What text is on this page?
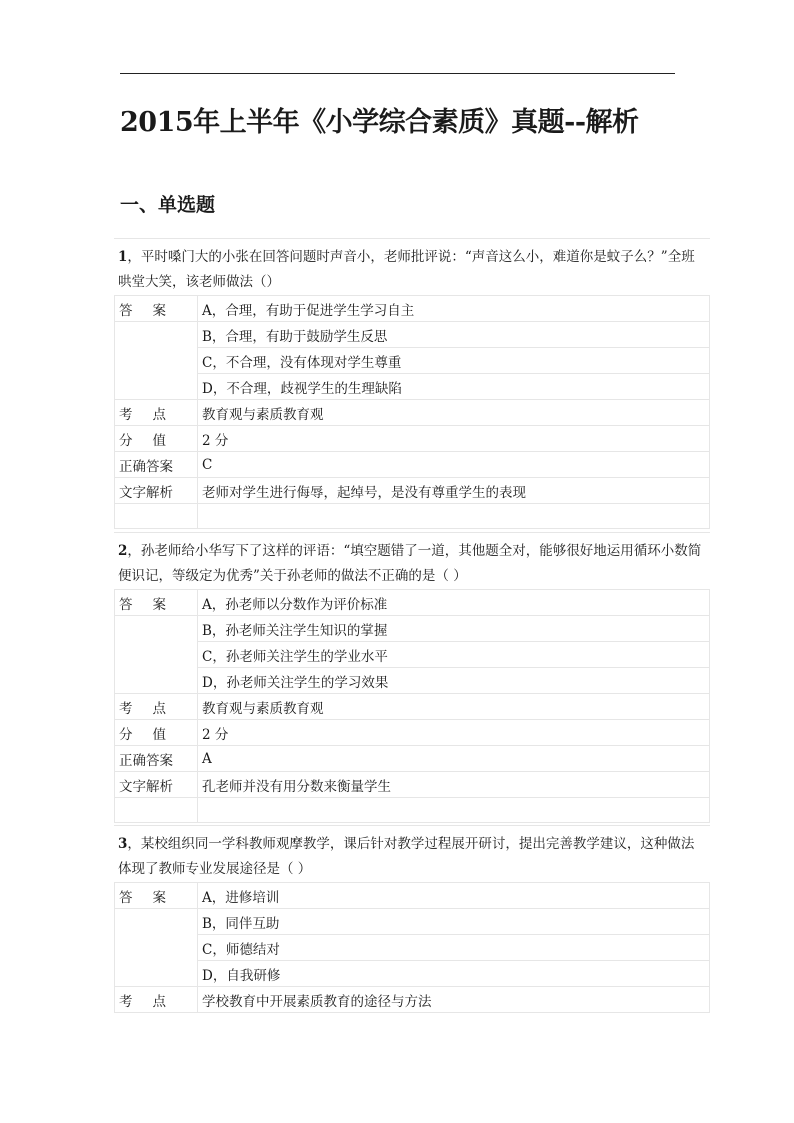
2015年上半年《小学综合素质》真题--解析
一、单选题
1，平时嗓门大的小张在回答问题时声音小，老师批评说：“声音这么小，难道你是蚊子么？”全班哄堂大笑，该老师做法（）
答案	A，合理，有助于促进学生学习自主
	B，合理，有助于鼓励学生反思
	C，不合理，没有体现对学生尊重
	D，不合理，歧视学生的生理缺陷
考点	教育观与素质教育观
分值	2 分
正确答案	C
文字解析	老师对学生进行侮辱，起绰号，是没有尊重学生的表现

2，孙老师给小华写下了这样的评语：“填空题错了一道，其他题全对，能够很好地运用循环小数简便识记，等级定为优秀”关于孙老师的做法不正确的是（ ）
答案	A，孙老师以分数作为评价标准
	B，孙老师关注学生知识的掌握
	C，孙老师关注学生的学业水平
	D，孙老师关注学生的学习效果
考点	教育观与素质教育观
分值	2 分
正确答案	A
文字解析	孔老师并没有用分数来衡量学生

3，某校组织同一学科教师观摩教学，课后针对教学过程展开研讨，提出完善教学建议，这种做法体现了教师专业发展途径是（ ）
答案	A，进修培训
	B，同伴互助
	C，师德结对
	D，自我研修
考点	学校教育中开展素质教育的途径与方法
